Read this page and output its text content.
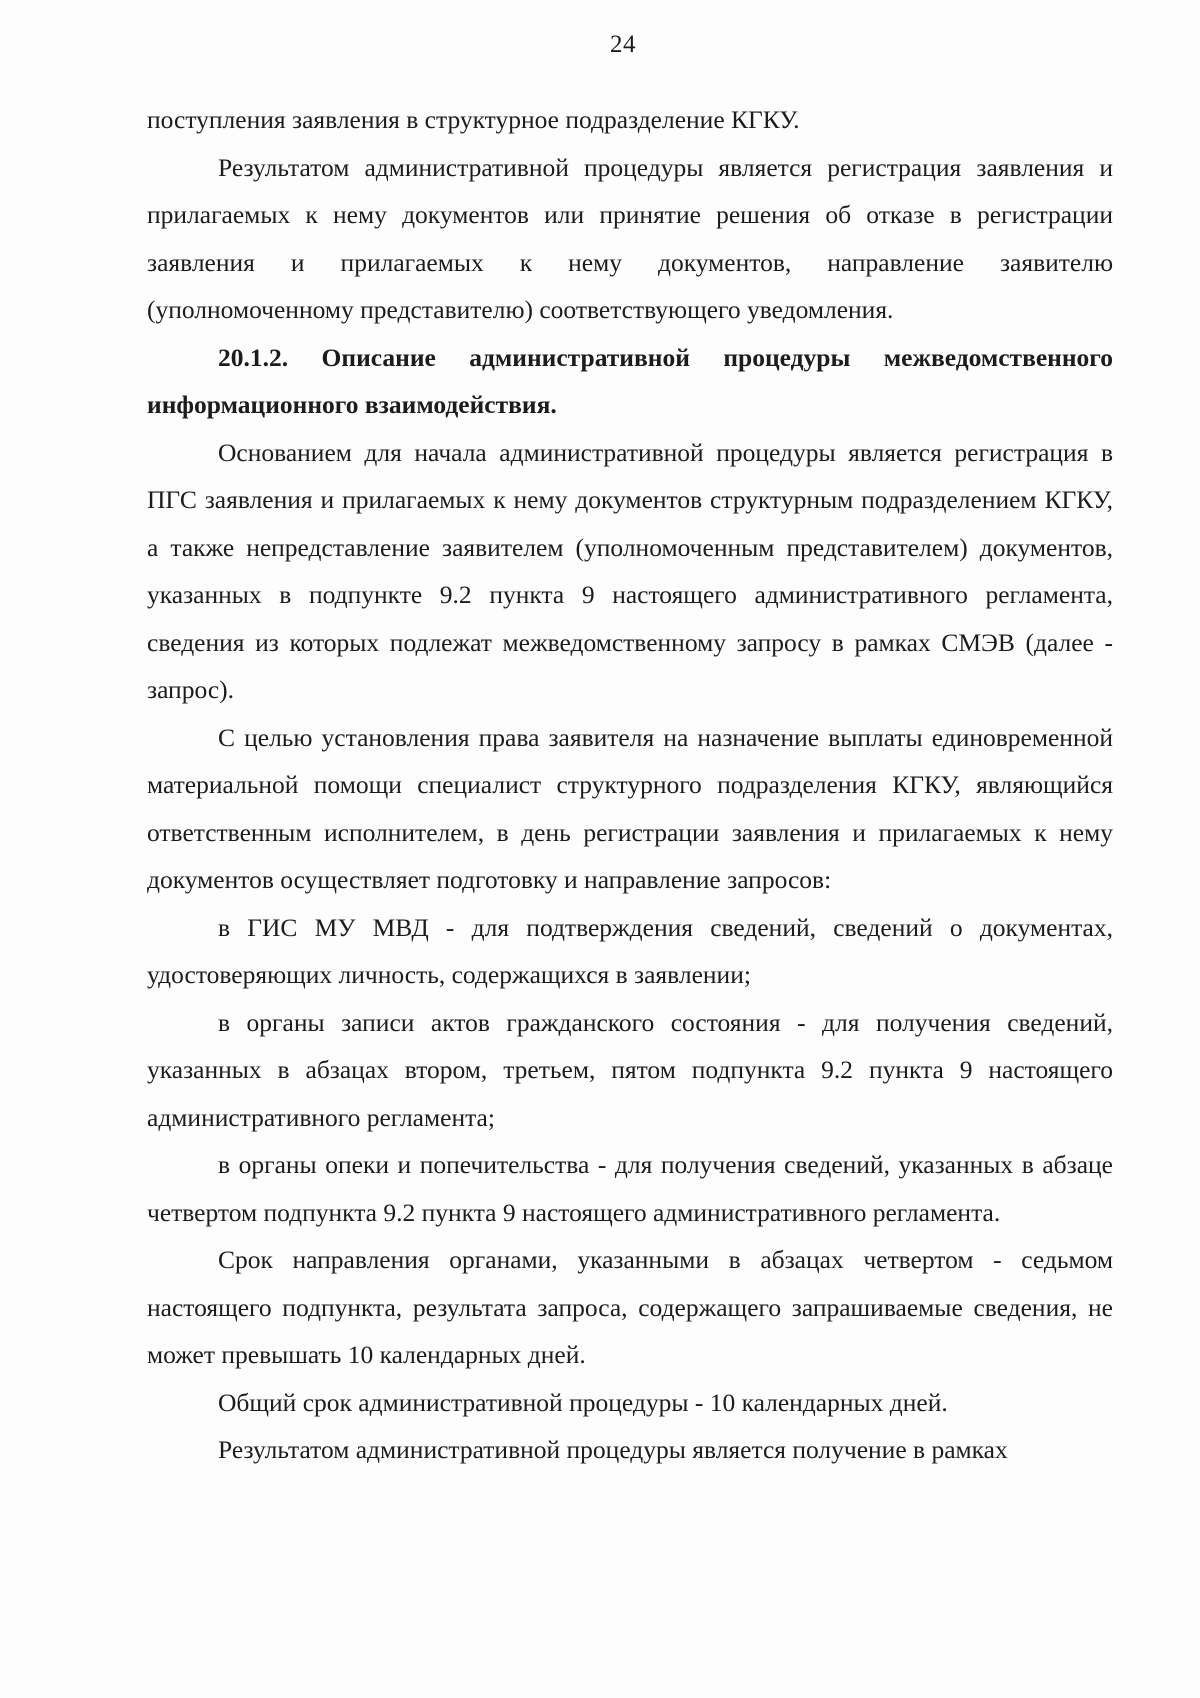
24

поступления заявления в структурное подразделение КГКУ.

Результатом административной процедуры является регистрация заявления и прилагаемых к нему документов или принятие решения об отказе в регистрации заявления и прилагаемых к нему документов, направление заявителю (уполномоченному представителю) соответствующего уведомления.

20.1.2. Описание административной процедуры межведомственного информационного взаимодействия.

Основанием для начала административной процедуры является регистрация в ПГС заявления и прилагаемых к нему документов структурным подразделением КГКУ, а также непредставление заявителем (уполномоченным представителем) документов, указанных в подпункте 9.2 пункта 9 настоящего административного регламента, сведения из которых подлежат межведомственному запросу в рамках СМЭВ (далее - запрос).

С целью установления права заявителя на назначение выплаты единовременной материальной помощи специалист структурного подразделения КГКУ, являющийся ответственным исполнителем, в день регистрации заявления и прилагаемых к нему документов осуществляет подготовку и направление запросов:

в ГИС МУ МВД - для подтверждения сведений, сведений о документах, удостоверяющих личность, содержащихся в заявлении;

в органы записи актов гражданского состояния - для получения сведений, указанных в абзацах втором, третьем, пятом подпункта 9.2 пункта 9 настоящего административного регламента;

в органы опеки и попечительства - для получения сведений, указанных в абзаце четвертом подпункта 9.2 пункта 9 настоящего административного регламента.

Срок направления органами, указанными в абзацах четвертом - седьмом настоящего подпункта, результата запроса, содержащего запрашиваемые сведения, не может превышать 10 календарных дней.

Общий срок административной процедуры - 10 календарных дней.

Результатом административной процедуры является получение в рамках
